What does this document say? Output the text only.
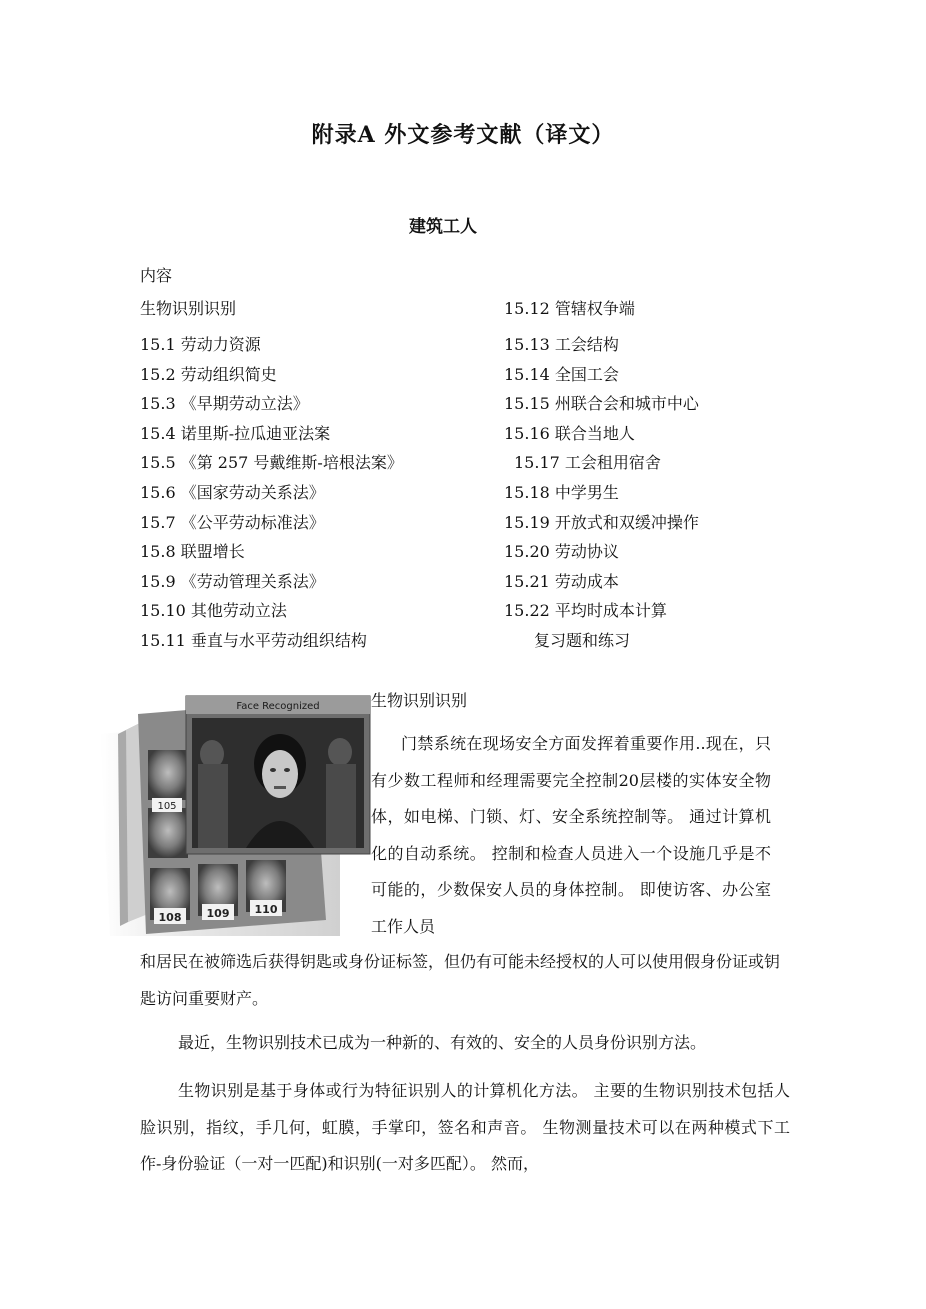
附录A 外文参考文献（译文）
建筑工人
内容
生物识别识别
15.1 劳动力资源
15.2 劳动组织简史
15.3 《早期劳动立法》
15.4 诺里斯-拉瓜迪亚法案
15.5 《第 257 号戴维斯-培根法案》
15.6 《国家劳动关系法》
15.7 《公平劳动标准法》
15.8 联盟增长
15.9 《劳动管理关系法》
15.10 其他劳动立法
15.11 垂直与水平劳动组织结构
15.12 管辖权争端
15.13 工会结构
15.14 全国工会
15.15 州联合会和城市中心
15.16 联合当地人
15.17 工会租用宿舍
15.18 中学男生
15.19 开放式和双缓冲操作
15.20 劳动协议
15.21 劳动成本
15.22 平均时成本计算
复习题和练习
105
108 109 110
Face Recognized	生物识别识别
门禁系统在现场安全方面发挥着重要作用..现在，只有少数工程师和经理需要完全控制20层楼的实体安全物体，如电梯、门锁、灯、安全系统控制等。 通过计算机化的自动系统。 控制和检查人员进入一个设施几乎是不可能的，少数保安人员的身体控制。 即使访客、办公室工作人员
和居民在被筛选后获得钥匙或身份证标签，但仍有可能未经授权的人可以使用假身份证或钥匙访问重要财产。
最近，生物识别技术已成为一种新的、有效的、安全的人员身份识别方法。
生物识别是基于身体或行为特征识别人的计算机化方法。 主要的生物识别技术包括人脸识别，指纹，手几何，虹膜，手掌印，签名和声音。 生物测量技术可以在两种模式下工作-身份验证（一对一匹配)和识别(一对多匹配）。 然而，
